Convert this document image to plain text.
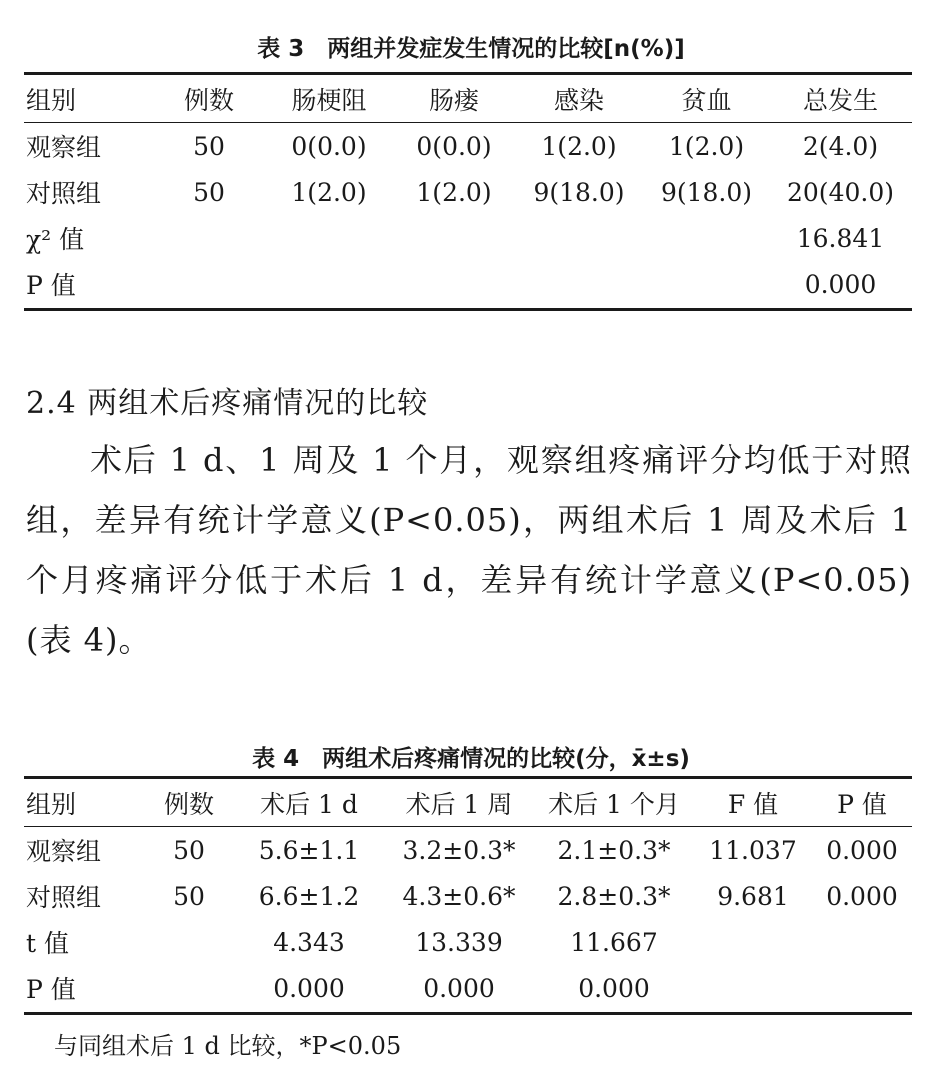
表 3　两组并发症发生情况的比较[n(%)]
组别	例数	肠梗阻	肠瘘	感染	贫血	总发生
观察组	50	0(0.0)	0(0.0)	1(2.0)	1(2.0)	2(4.0)
对照组	50	1(2.0)	1(2.0)	9(18.0)	9(18.0)	20(40.0)
χ² 值						16.841
P 值						0.000
2.4 两组术后疼痛情况的比较

术后 1 d、1 周及 1 个月，观察组疼痛评分均低于对照组，差异有统计学意义(P<0.05)，两组术后 1 周及术后 1 个月疼痛评分低于术后 1 d，差异有统计学意义(P<0.05)(表 4)。

表 4　两组术后疼痛情况的比较(分，x̄±s)
组别	例数	术后 1 d	术后 1 周	术后 1 个月	F 值	P 值
观察组	50	5.6±1.1	3.2±0.3*	2.1±0.3*	11.037	0.000
对照组	50	6.6±1.2	4.3±0.6*	2.8±0.3*	9.681	0.000
t 值		4.343	13.339	11.667		
P 值		0.000	0.000	0.000		
与同组术后 1 d 比较，*P<0.05
